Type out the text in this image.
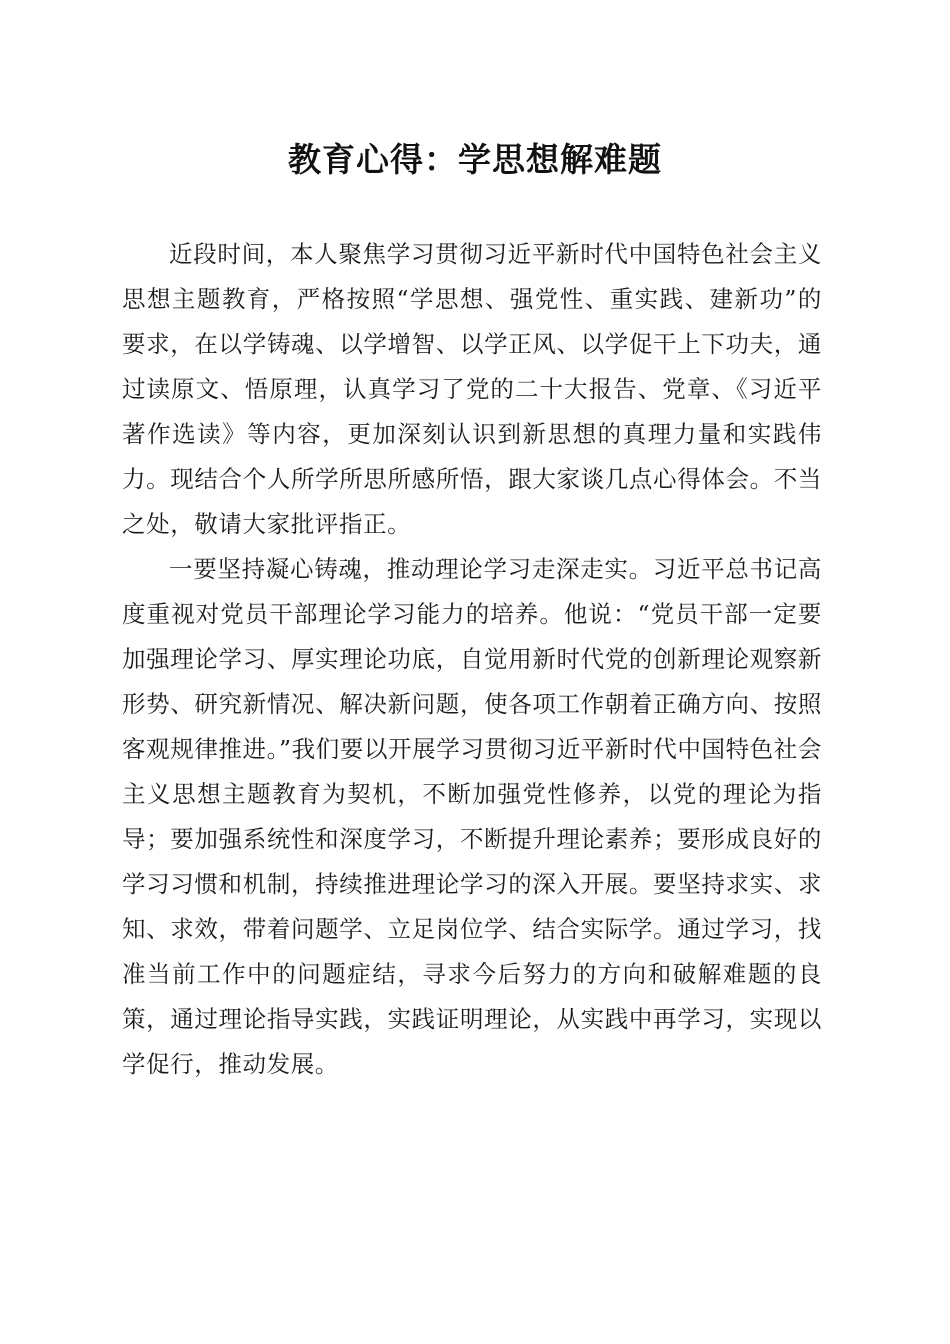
教育心得：学思想解难题

近段时间，本人聚焦学习贯彻习近平新时代中国特色社会主义思想主题教育，严格按照“学思想、强党性、重实践、建新功”的要求，在以学铸魂、以学增智、以学正风、以学促干上下功夫，通过读原文、悟原理，认真学习了党的二十大报告、党章、《习近平著作选读》等内容，更加深刻认识到新思想的真理力量和实践伟力。现结合个人所学所思所感所悟，跟大家谈几点心得体会。不当之处，敬请大家批评指正。

一要坚持凝心铸魂，推动理论学习走深走实。习近平总书记高度重视对党员干部理论学习能力的培养。他说：“党员干部一定要加强理论学习、厚实理论功底，自觉用新时代党的创新理论观察新形势、研究新情况、解决新问题，使各项工作朝着正确方向、按照客观规律推进。”我们要以开展学习贯彻习近平新时代中国特色社会主义思想主题教育为契机，不断加强党性修养，以党的理论为指导；要加强系统性和深度学习，不断提升理论素养；要形成良好的学习习惯和机制，持续推进理论学习的深入开展。要坚持求实、求知、求效，带着问题学、立足岗位学、结合实际学。通过学习，找准当前工作中的问题症结，寻求今后努力的方向和破解难题的良策，通过理论指导实践，实践证明理论，从实践中再学习，实现以学促行，推动发展。
